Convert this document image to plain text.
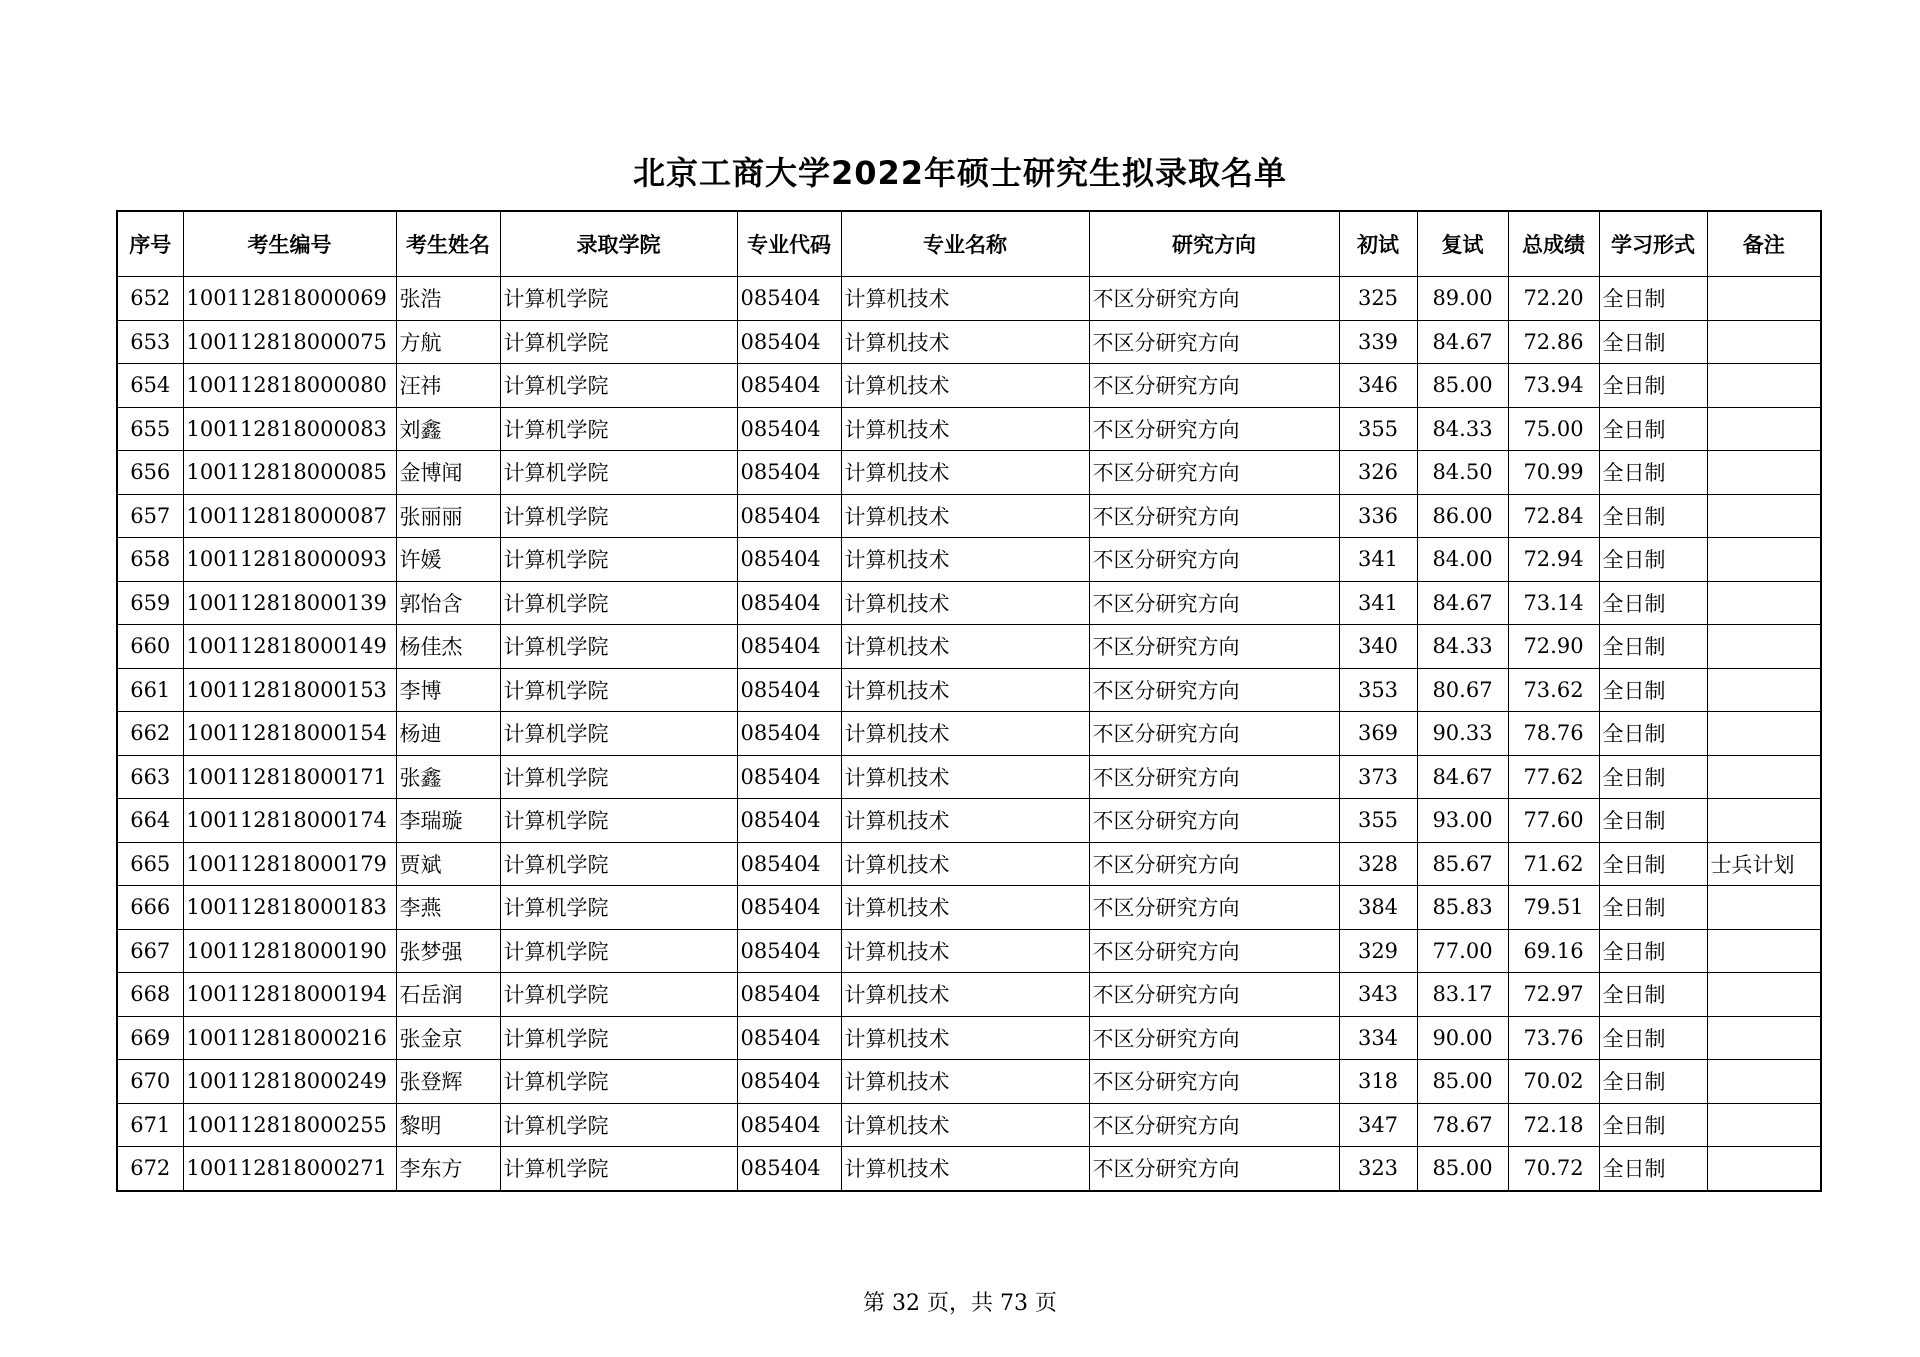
北京工商大学2022年硕士研究生拟录取名单
序号	考生编号	考生姓名	录取学院	专业代码	专业名称	研究方向	初试	复试	总成绩	学习形式	备注
652	100112818000069	张浩	计算机学院	085404	计算机技术	不区分研究方向	325	89.00	72.20	全日制	
653	100112818000075	方航	计算机学院	085404	计算机技术	不区分研究方向	339	84.67	72.86	全日制	
654	100112818000080	汪祎	计算机学院	085404	计算机技术	不区分研究方向	346	85.00	73.94	全日制	
655	100112818000083	刘鑫	计算机学院	085404	计算机技术	不区分研究方向	355	84.33	75.00	全日制	
656	100112818000085	金博闻	计算机学院	085404	计算机技术	不区分研究方向	326	84.50	70.99	全日制	
657	100112818000087	张丽丽	计算机学院	085404	计算机技术	不区分研究方向	336	86.00	72.84	全日制	
658	100112818000093	许媛	计算机学院	085404	计算机技术	不区分研究方向	341	84.00	72.94	全日制	
659	100112818000139	郭怡含	计算机学院	085404	计算机技术	不区分研究方向	341	84.67	73.14	全日制	
660	100112818000149	杨佳杰	计算机学院	085404	计算机技术	不区分研究方向	340	84.33	72.90	全日制	
661	100112818000153	李博	计算机学院	085404	计算机技术	不区分研究方向	353	80.67	73.62	全日制	
662	100112818000154	杨迪	计算机学院	085404	计算机技术	不区分研究方向	369	90.33	78.76	全日制	
663	100112818000171	张鑫	计算机学院	085404	计算机技术	不区分研究方向	373	84.67	77.62	全日制	
664	100112818000174	李瑞璇	计算机学院	085404	计算机技术	不区分研究方向	355	93.00	77.60	全日制	
665	100112818000179	贾斌	计算机学院	085404	计算机技术	不区分研究方向	328	85.67	71.62	全日制	士兵计划
666	100112818000183	李燕	计算机学院	085404	计算机技术	不区分研究方向	384	85.83	79.51	全日制	
667	100112818000190	张梦强	计算机学院	085404	计算机技术	不区分研究方向	329	77.00	69.16	全日制	
668	100112818000194	石岳润	计算机学院	085404	计算机技术	不区分研究方向	343	83.17	72.97	全日制	
669	100112818000216	张金京	计算机学院	085404	计算机技术	不区分研究方向	334	90.00	73.76	全日制	
670	100112818000249	张登辉	计算机学院	085404	计算机技术	不区分研究方向	318	85.00	70.02	全日制	
671	100112818000255	黎明	计算机学院	085404	计算机技术	不区分研究方向	347	78.67	72.18	全日制	
672	100112818000271	李东方	计算机学院	085404	计算机技术	不区分研究方向	323	85.00	70.72	全日制	
第 32 页，共 73 页
